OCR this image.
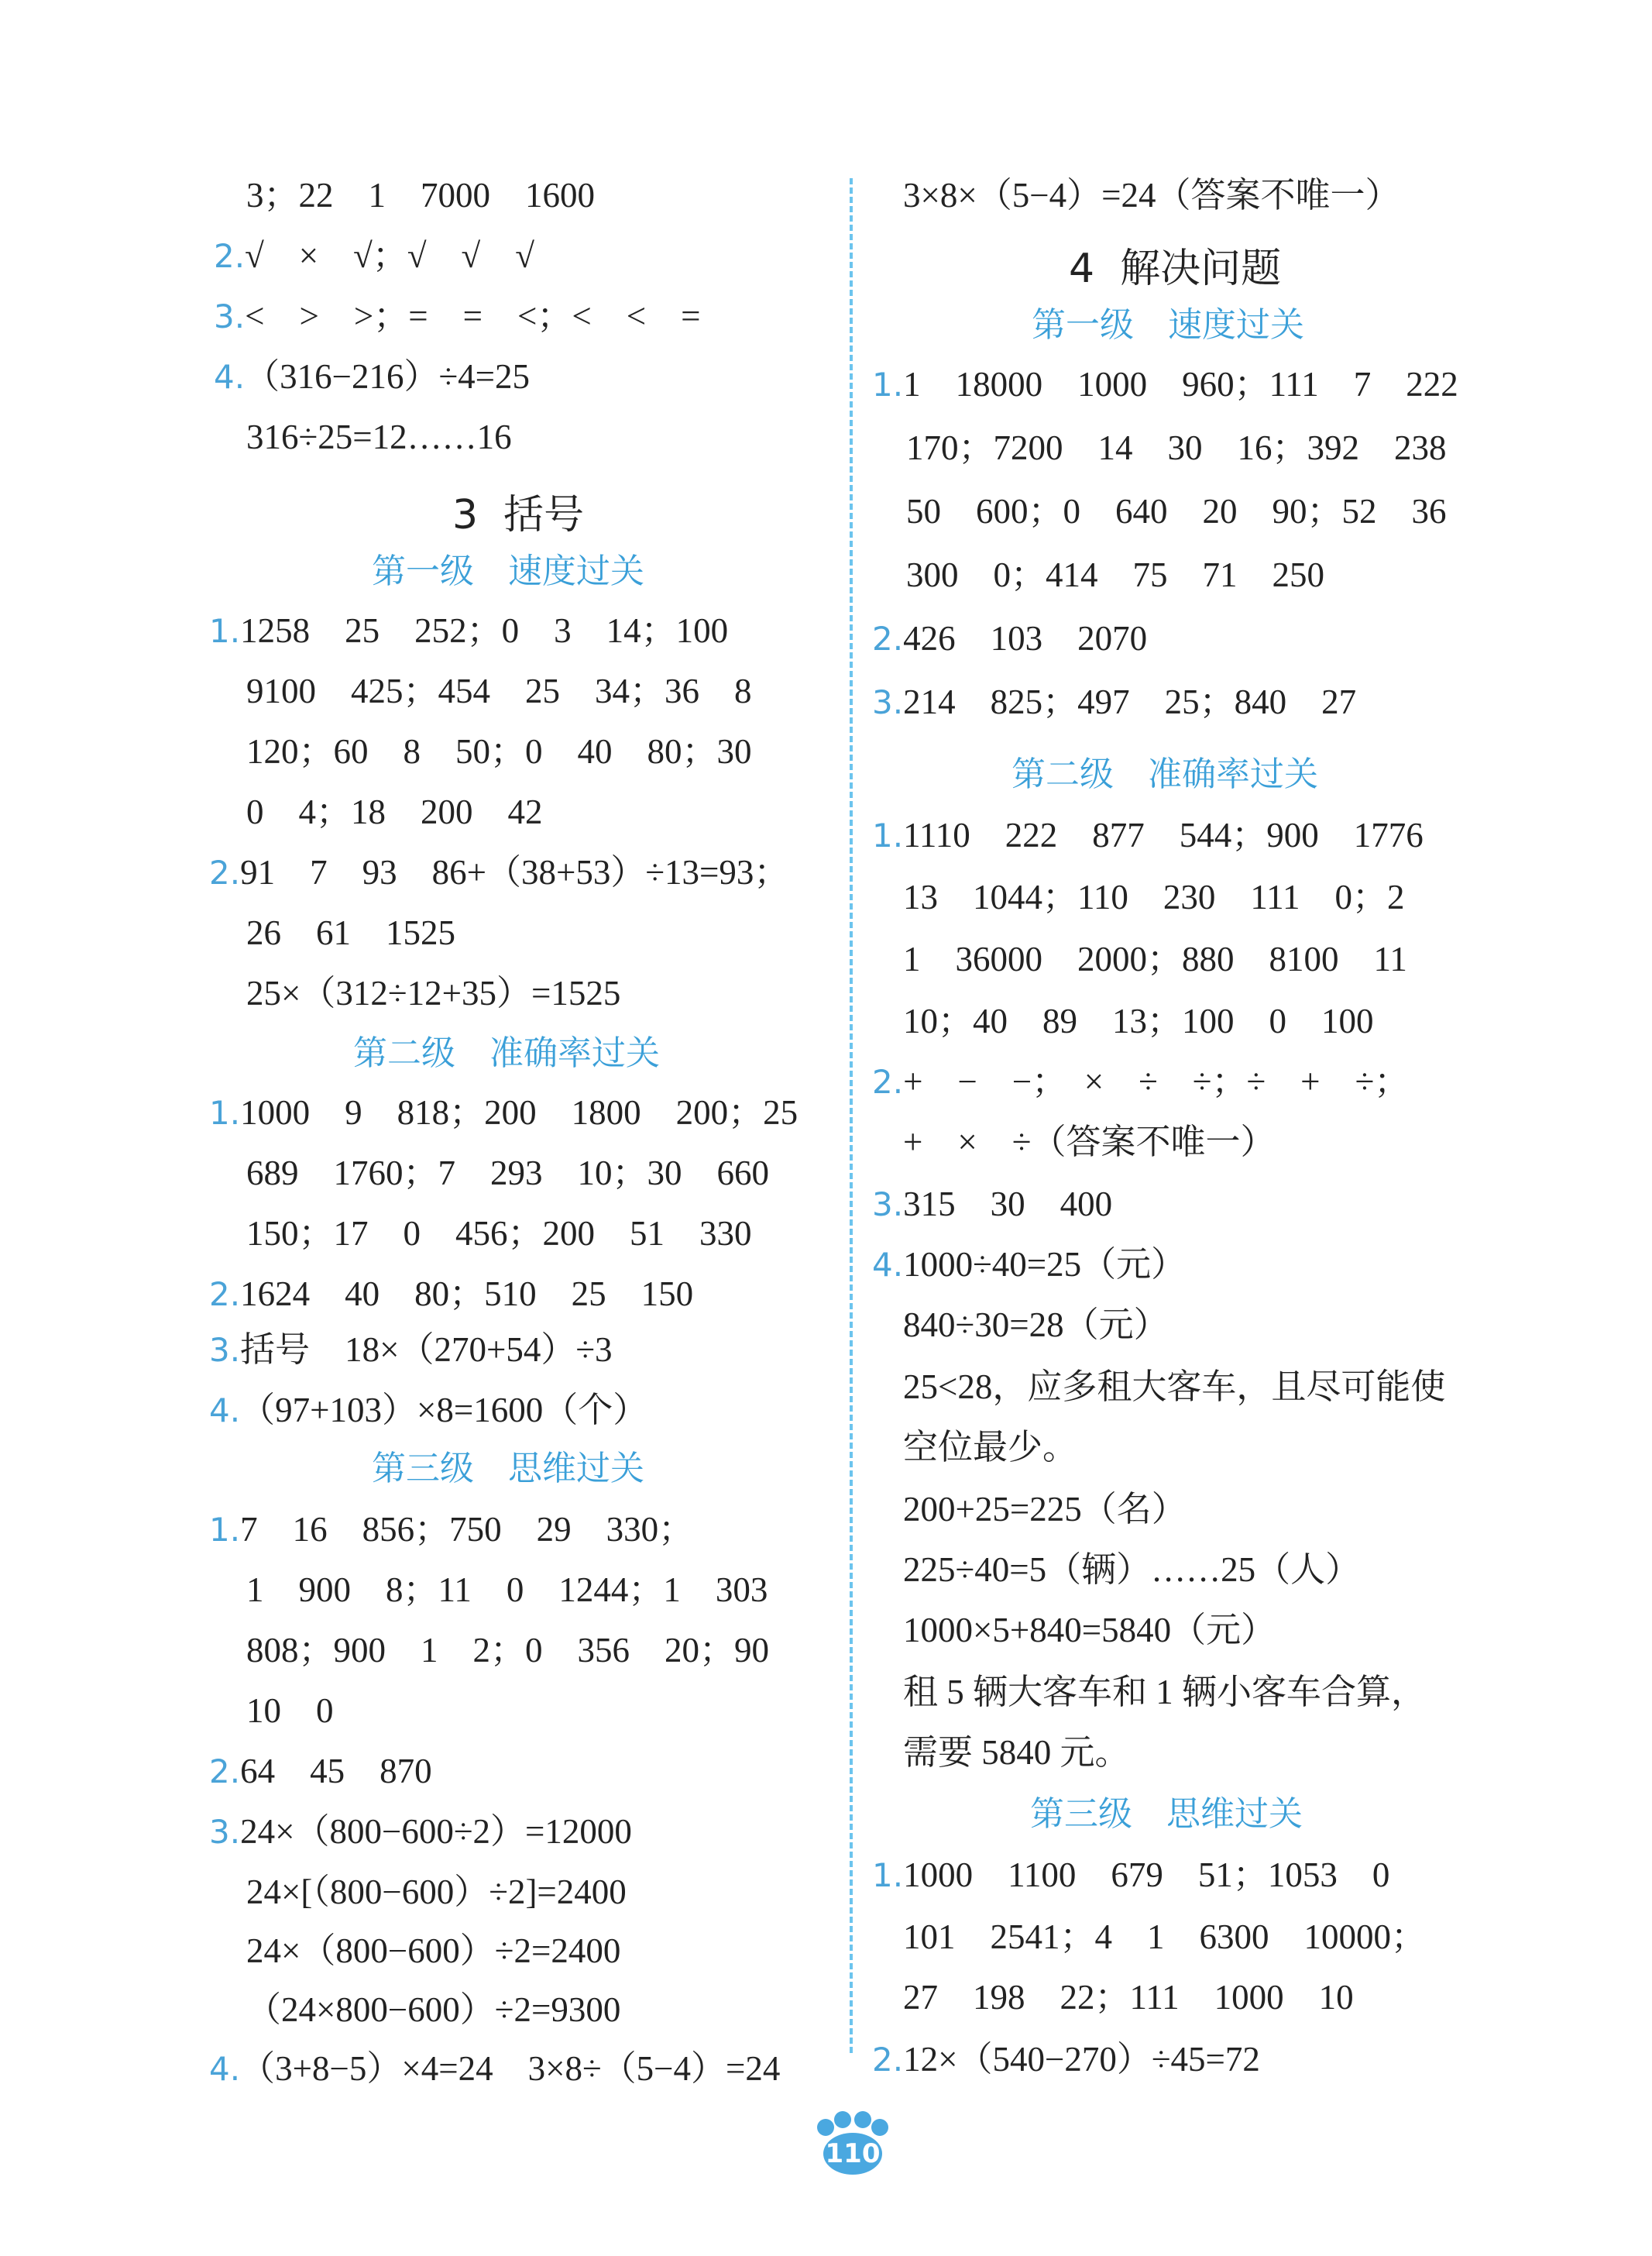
3；22　1　7000　1600
2.√　×　√；√　√　√
3.<　>　>；=　=　<；<　<　=
4.（316−216）÷4=25
316÷25=12……16
3  括号
第一级　速度过关
1.1258　25　252；0　3　14；100
9100　425；454　25　34；36　8
120；60　8　50；0　40　80；30
0　4；18　200　42
2.91　7　93　86+（38+53）÷13=93；
26　61　1525
25×（312÷12+35）=1525
第二级　准确率过关
1.1000　9　818；200　1800　200；25
689　1760；7　293　10；30　660
150；17　0　456；200　51　330
2.1624　40　80；510　25　150
3.括号　18×（270+54）÷3
4.（97+103）×8=1600（个）
第三级　思维过关
1.7　16　856；750　29　330；
1　900　8；11　0　1244；1　303
808；900　1　2；0　356　20；90
10　0
2.64　45　870
3.24×（800−600÷2）=12000
24×[（800−600）÷2]=2400
24×（800−600）÷2=2400
（24×800−600）÷2=9300
4.（3+8−5）×4=24　3×8÷（5−4）=24
3×8×（5−4）=24（答案不唯一）
4  解决问题
第一级　速度过关
1.1　18000　1000　960；111　7　222
170；7200　14　30　16；392　238
50　600；0　640　20　90；52　36
300　0；414　75　71　250
2.426　103　2070
3.214　825；497　25；840　27
第二级　准确率过关
1.1110　222　877　544；900　1776
13　1044；110　230　111　0；2
1　36000　2000；880　8100　11
10；40　89　13；100　0　100
2.+　−　−；　×　÷　÷；÷　+　÷；
+　×　÷（答案不唯一）
3.315　30　400
4.1000÷40=25（元）
840÷30=28（元）
25<28，应多租大客车，且尽可能使
空位最少。
200+25=225（名）
225÷40=5（辆）……25（人）
1000×5+840=5840（元）
租 5 辆大客车和 1 辆小客车合算，
需要 5840 元。
第三级　思维过关
1.1000　1100　679　51；1053　0
101　2541；4　1　6300　10000；
27　198　22；111　1000　10
2.12×（540−270）÷45=72
110
